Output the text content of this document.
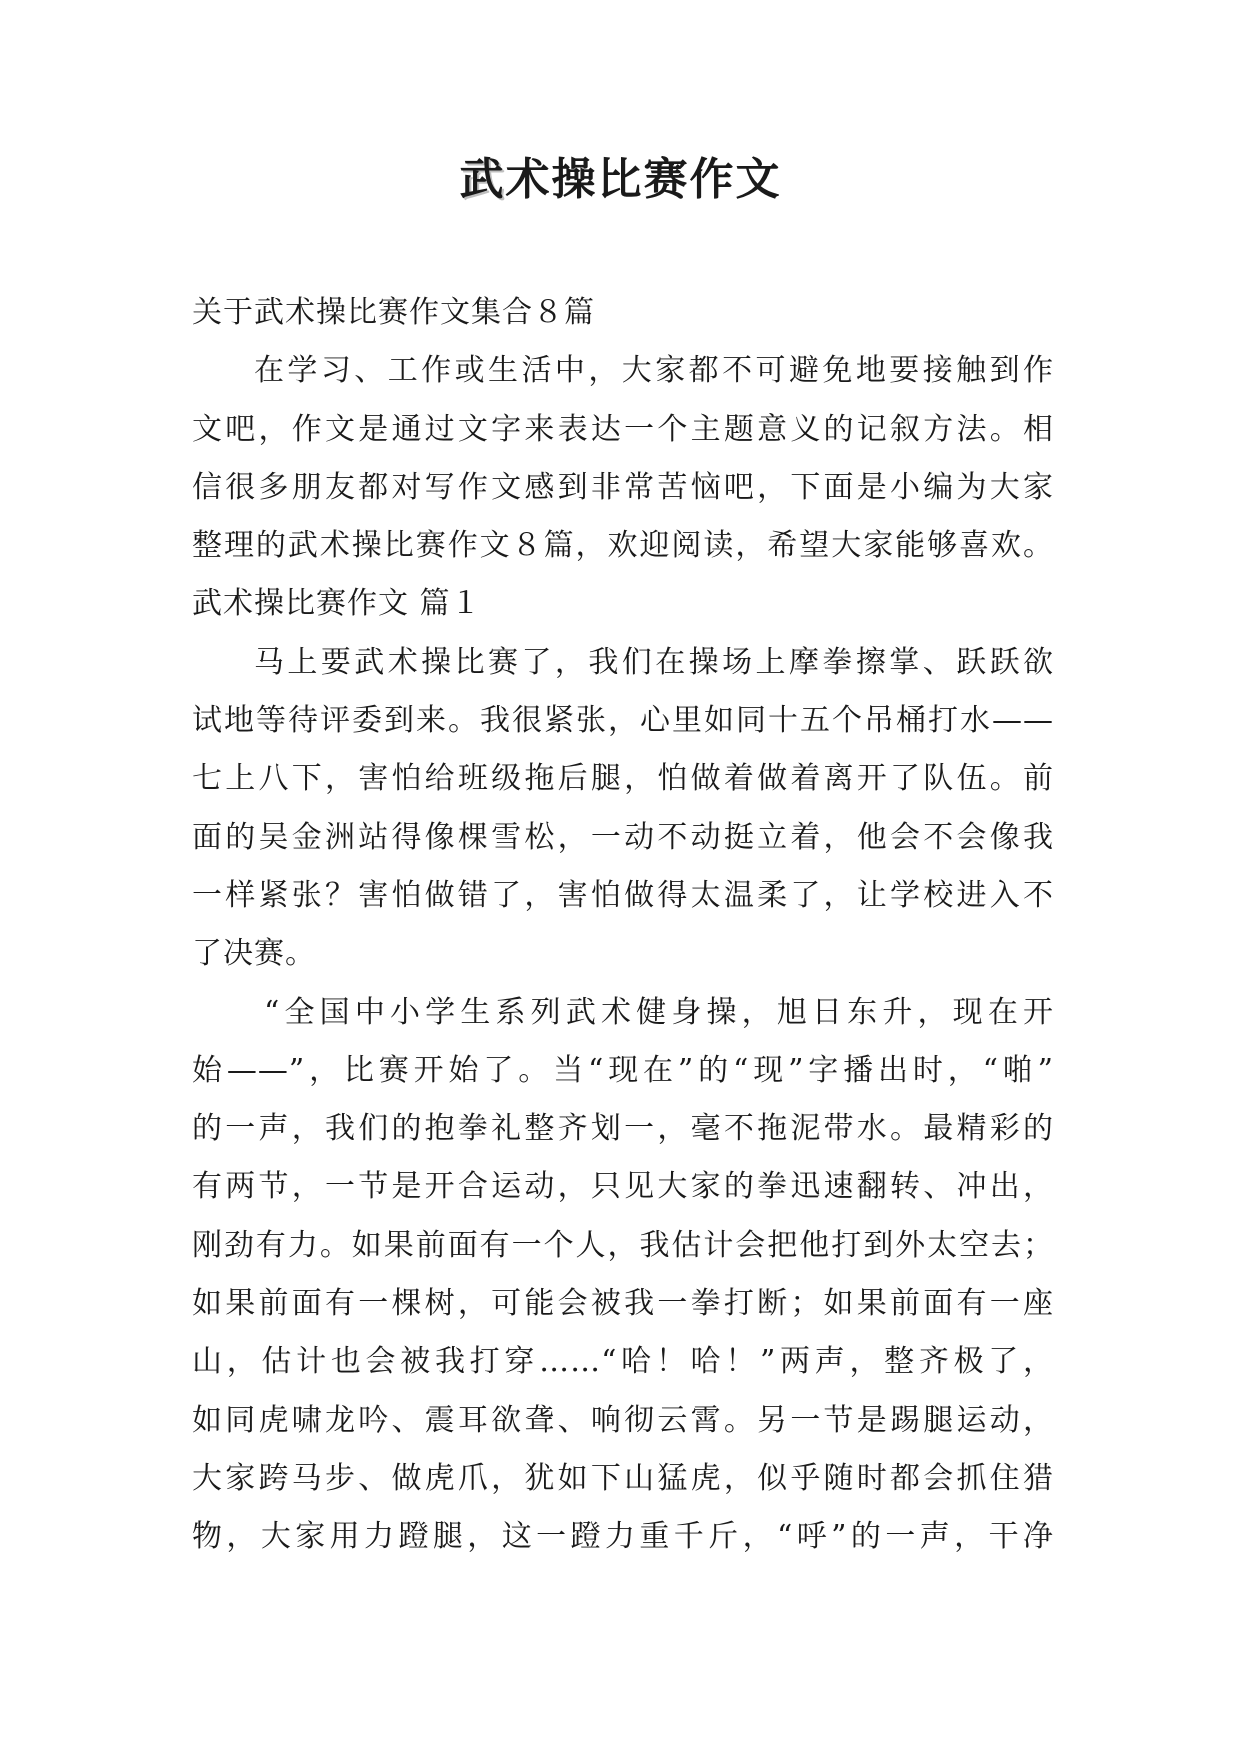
武术操比赛作文
关于武术操比赛作文集合８篇
在学习、工作或生活中，大家都不可避免地要接触到作
文吧，作文是通过文字来表达一个主题意义的记叙方法。相
信很多朋友都对写作文感到非常苦恼吧，下面是小编为大家
整理的武术操比赛作文８篇，欢迎阅读，希望大家能够喜欢。
武术操比赛作文 篇１
马上要武术操比赛了，我们在操场上摩拳擦掌、跃跃欲
试地等待评委到来。我很紧张，心里如同十五个吊桶打水——
七上八下，害怕给班级拖后腿，怕做着做着离开了队伍。前
面的吴金洲站得像棵雪松，一动不动挺立着，他会不会像我
一样紧张？害怕做错了，害怕做得太温柔了，让学校进入不
了决赛。
“全国中小学生系列武术健身操，旭日东升，现在开
始——”，比赛开始了。当“现在”的“现”字播出时，“啪”
的一声，我们的抱拳礼整齐划一，毫不拖泥带水。最精彩的
有两节，一节是开合运动，只见大家的拳迅速翻转、冲出，
刚劲有力。如果前面有一个人，我估计会把他打到外太空去；
如果前面有一棵树，可能会被我一拳打断；如果前面有一座
山，估计也会被我打穿……“哈！哈！”两声，整齐极了，
如同虎啸龙吟、震耳欲聋、响彻云霄。另一节是踢腿运动，
大家跨马步、做虎爪，犹如下山猛虎，似乎随时都会抓住猎
物，大家用力蹬腿，这一蹬力重千斤，“呼”的一声，干净
